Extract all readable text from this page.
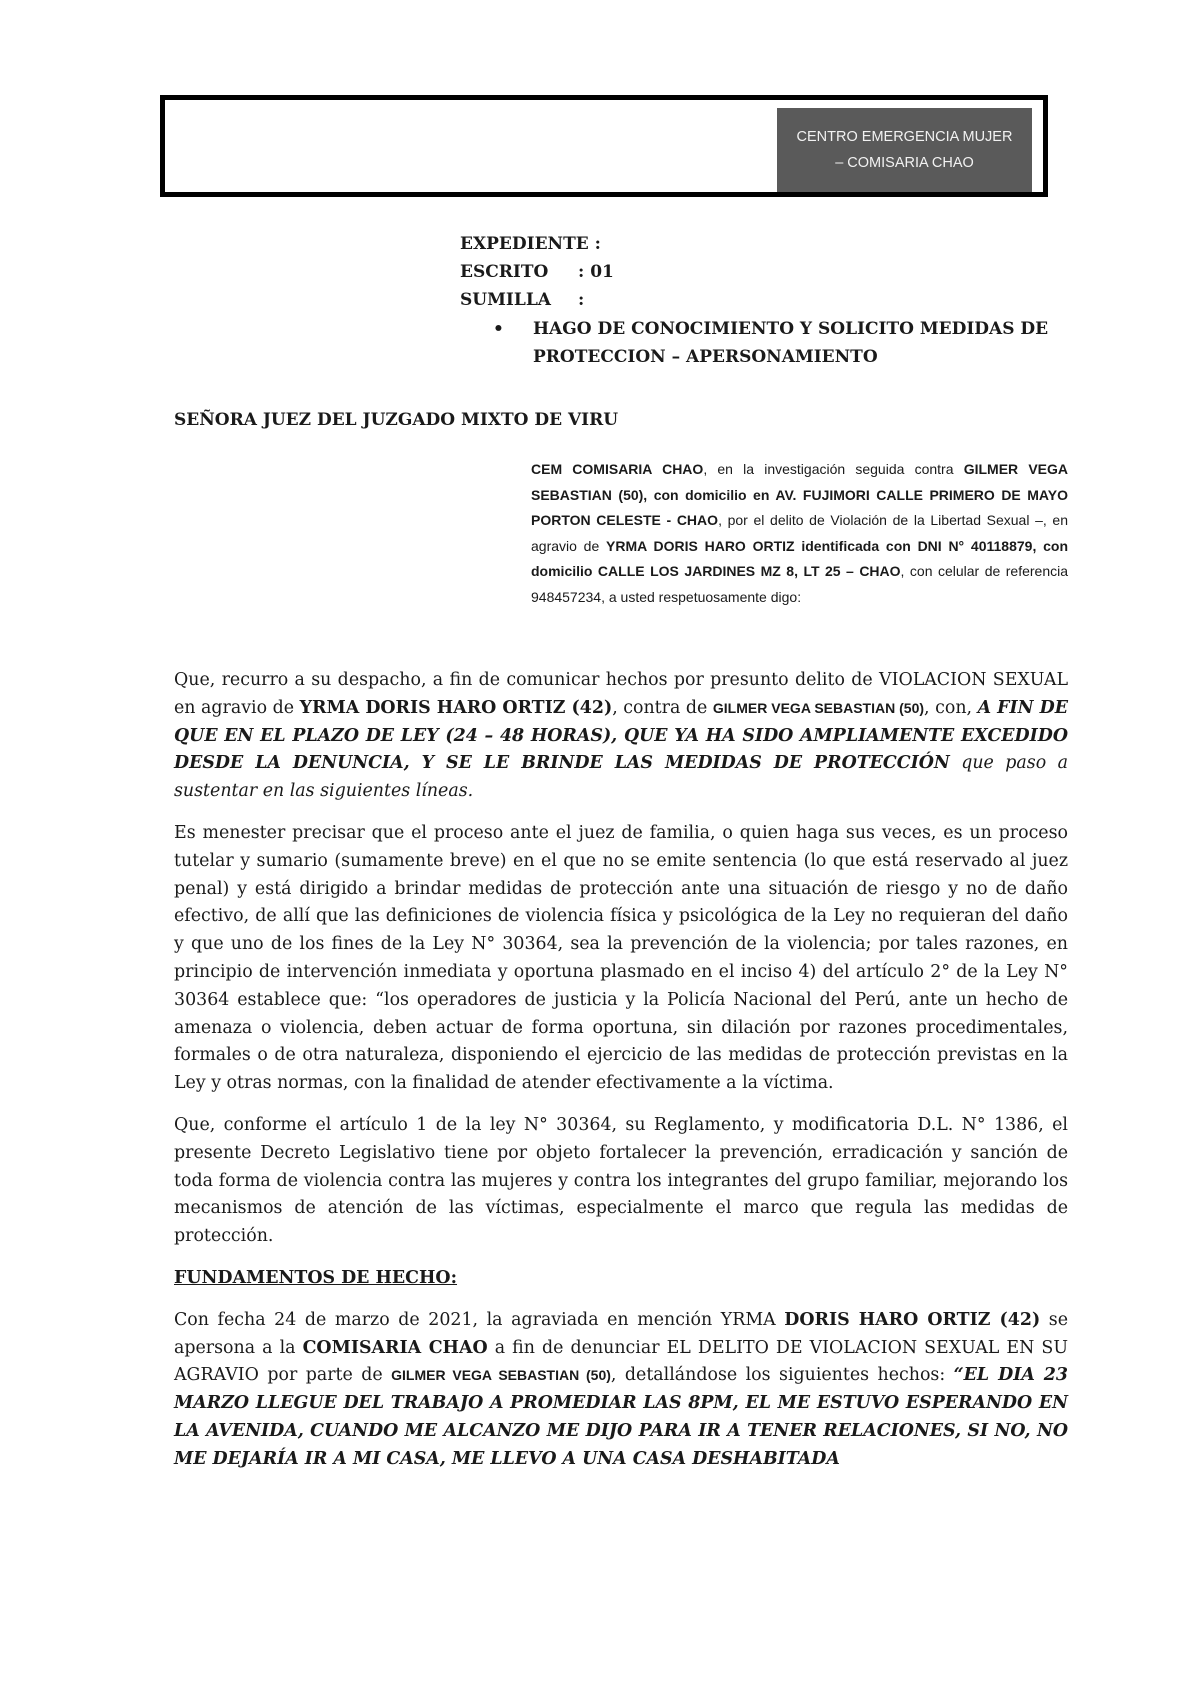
CENTRO EMERGENCIA MUJER
– COMISARIA CHAO
EXPEDIENTE :
ESCRITO : 01
SUMILLA :
• HAGO DE CONOCIMIENTO Y SOLICITO MEDIDAS DE PROTECCION – APERSONAMIENTO
SEÑORA JUEZ DEL JUZGADO MIXTO DE VIRU
CEM COMISARIA CHAO, en la investigación seguida contra GILMER VEGA SEBASTIAN (50), con domicilio en AV. FUJIMORI CALLE PRIMERO DE MAYO PORTON CELESTE - CHAO, por el delito de Violación de la Libertad Sexual –, en agravio de YRMA DORIS HARO ORTIZ identificada con DNI N° 40118879, con domicilio CALLE LOS JARDINES MZ 8, LT 25 – CHAO, con celular de referencia 948457234, a usted respetuosamente digo:

Que, recurro a su despacho, a fin de comunicar hechos por presunto delito de VIOLACION SEXUAL en agravio de YRMA DORIS HARO ORTIZ (42), contra de GILMER VEGA SEBASTIAN (50), con, A FIN DE QUE EN EL PLAZO DE LEY (24 – 48 HORAS), QUE YA HA SIDO AMPLIAMENTE EXCEDIDO DESDE LA DENUNCIA, Y SE LE BRINDE LAS MEDIDAS DE PROTECCIÓN que paso a sustentar en las siguientes líneas.

Es menester precisar que el proceso ante el juez de familia, o quien haga sus veces, es un proceso tutelar y sumario (sumamente breve) en el que no se emite sentencia (lo que está reservado al juez penal) y está dirigido a brindar medidas de protección ante una situación de riesgo y no de daño efectivo, de allí que las definiciones de violencia física y psicológica de la Ley no requieran del daño y que uno de los fines de la Ley N° 30364, sea la prevención de la violencia; por tales razones, en principio de intervención inmediata y oportuna plasmado en el inciso 4) del artículo 2° de la Ley N° 30364 establece que: “los operadores de justicia y la Policía Nacional del Perú, ante un hecho de amenaza o violencia, deben actuar de forma oportuna, sin dilación por razones procedimentales, formales o de otra naturaleza, disponiendo el ejercicio de las medidas de protección previstas en la Ley y otras normas, con la finalidad de atender efectivamente a la víctima.

Que, conforme el artículo 1 de la ley N° 30364, su Reglamento, y modificatoria D.L. N° 1386, el presente Decreto Legislativo tiene por objeto fortalecer la prevención, erradicación y sanción de toda forma de violencia contra las mujeres y contra los integrantes del grupo familiar, mejorando los mecanismos de atención de las víctimas, especialmente el marco que regula las medidas de protección.

FUNDAMENTOS DE HECHO:

Con fecha 24 de marzo de 2021, la agraviada en mención YRMA DORIS HARO ORTIZ (42) se apersona a la COMISARIA CHAO a fin de denunciar EL DELITO DE VIOLACION SEXUAL EN SU AGRAVIO por parte de GILMER VEGA SEBASTIAN (50), detallándose los siguientes hechos: “EL DIA 23 MARZO LLEGUE DEL TRABAJO A PROMEDIAR LAS 8PM, EL ME ESTUVO ESPERANDO EN LA AVENIDA, CUANDO ME ALCANZO ME DIJO PARA IR A TENER RELACIONES, SI NO, NO ME DEJARÍA IR A MI CASA, ME LLEVO A UNA CASA DESHABITADA
